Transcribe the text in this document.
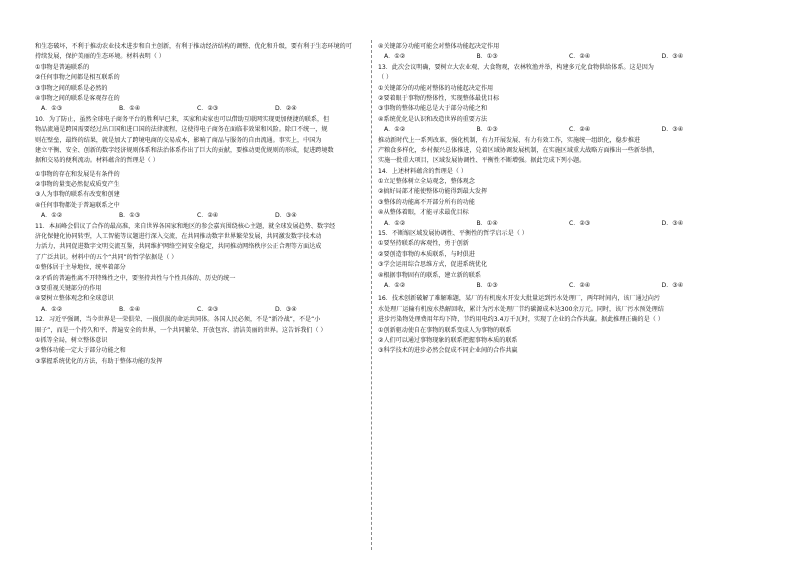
和生态破坏，不利于推动农业技术进步和自主创新，有利于推动经济结构的调整、优化和升级，要有利于生态环境的可
持续发展，保护美丽的生态环境。材料表明（ ）
①事物是普遍联系的
②任何事物之间都是相互联系的
③事物之间的联系是必然的
④事物之间的联系是客观存在的
A．①③	B．①④	C．②③	D．②④
10．为了防止，虽然全球电子商务平台的胜利早已来，买家和卖家也可以借助互联网实现更加便捷的联系，但
物品流通是跨国需要经过出口国和进口国的法律流程，这使得电子商务在面临非效果和风险。除口不统一，规
则在壁垒，最终的结果，就是加大了跨境电商的交易成本，影响了商品与服务的自由流通。事实上，中国为
建立平衡、安全、创新的数字经济规则体系和法治体系作出了巨大的贡献，要推动更优规则的形成，促进跨境数
据和交易的便利流动。材料蕴含的哲理是（ ）
①事物的存在和发展是有条件的
②事物的量变必然促成质变产生
③人为事物的联系有改变和创建
④任何事物都处于普遍联系之中
A．①②	B．①③	C．②④	D．③④
11．本届峰会倡议了合作的最高准，来自世界各国家和地区的参会嘉宾围绕核心主题，就全球发展趋势、数字经
济化保健化协同转型，人工智能等议题进行深入交流，在共同推动数字世界繁荣发展，共同激发数字技术动
力活力，共同促进数字文明交流互鉴，共同维护网络空间安全稳定，共同推动网络秩序公正合理等方面达成
了广泛共识。材料中的五个“共同”的哲学依据是（ ）
①整体居于主导地位，统率着部分
②矛盾的普遍性离不开特殊性之中，要坚持共性与个性具体的、历史的统一
③要重视关键部分的作用
④要树立整体观念和全球意识
A．①②	B．①④	C．②③	D．③④
12．习近平强调，当今世界是一荣俱荣、一损俱损的命运共同体。各国人民必须，不是“新冷战”，不是“小
圈子”，而是一个持久和平、普遍安全的世界，一个共同繁荣、开放包容、清洁美丽的世界。这告诉我们（ ）
①抓等全局，树立整体意识
②整体功能一定大于部分功能之和
③掌握系统优化的方法，有助于整体功能的发挥
④关键部分功能可能会对整体功能起决定作用
A．①②	B．①③	C．②④	D．③④
13．此次会议明确，要树立大农业观、大食物观，农林牧渔并举，构建多元化食物供给体系。这是因为
（ ）
①关键部分的功能对整体的功能起决定作用
②要着眼于事物的整体性，实现整体最优目标
③事物的整体功能总是大于部分功能之和
④系统优化是认识和改造世界的重要方法
A．①②	B．①③	C．②④	D．③④
推动新时代上一系列改革，强化机制，有力开展发展、有力有效工作，实施统一组织化，稳步推进
产粮食多样化，乡村振兴总体推进，兑着区域协调发展机制，在实施区域重大战略方面推出一些新举措，
实施一批重大项目，区域发展协调性、平衡性不断增强。据此完成下列小题。
14．上述材料蕴含的哲理是（ ）
①立足整体树立全局观念，整体观念
②搞好局部才能使整体功能得到最大发挥
③整体的功能离不开部分所有的功能
④从整体着眼，才能寻求最优目标
A．①②	B．①④	C．②③	D．③④
15．不断缩区域发展协调性、平衡性的哲学启示是（ ）
①要坚持联系的客观性，勇于创新
②要创造事物的本质联系，与时俱进
③学会运用综合思维方式，促进系统优化
④根据事物固有的联系，建立新的联系
A．①②	B．①③	C．②④	D．③④
16．技术创新破解了难解难题，某厂的有机废水开发大批量运到污水处理厂，两年时间内，该厂通过向污
水处理厂运输有机废水热解回收，累计为污水处理厂节约碳源成本达300余万元。同时，该厂污水预处理结
进步污染物处理费用年均下降，节约用电约3.4万千瓦时，实现了企业的合作共赢。据此推理正确的是（ ）
①创新驱动使自在事物的联系变成人为事物的联系
②人们可以通过事物现象的联系把握事物本质的联系
③科学技术的进步必然会促成不同企业间的合作共赢
